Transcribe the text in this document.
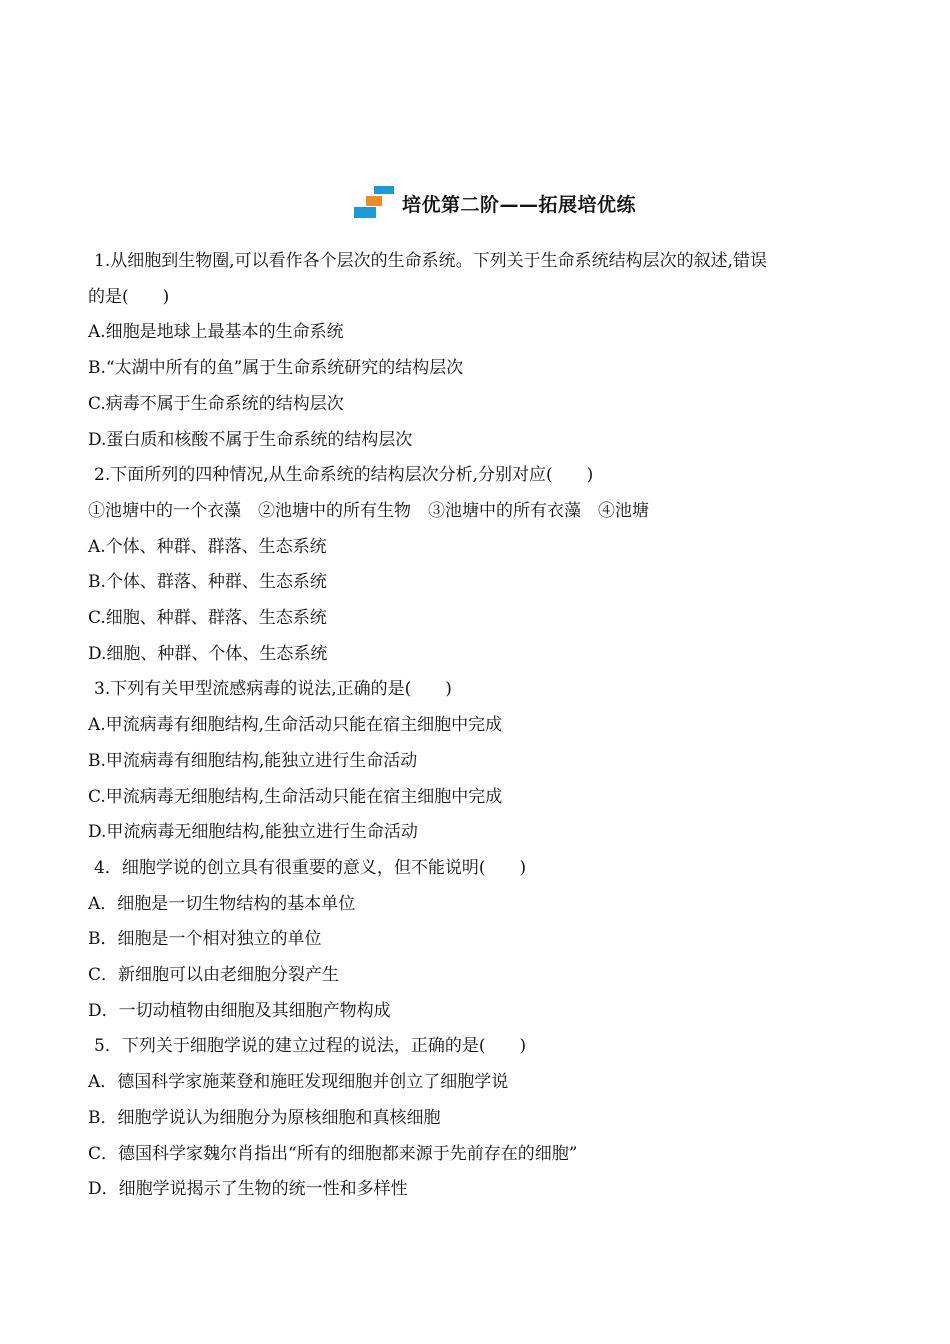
培优第二阶——拓展培优练
1.从细胞到生物圈,可以看作各个层次的生命系统。下列关于生命系统结构层次的叙述,错误
的是(　　)
A.细胞是地球上最基本的生命系统
B.“太湖中所有的鱼”属于生命系统研究的结构层次
C.病毒不属于生命系统的结构层次
D.蛋白质和核酸不属于生命系统的结构层次
2.下面所列的四种情况,从生命系统的结构层次分析,分别对应(　　)
①池塘中的一个衣藻　②池塘中的所有生物　③池塘中的所有衣藻　④池塘
A.个体、种群、群落、生态系统
B.个体、群落、种群、生态系统
C.细胞、种群、群落、生态系统
D.细胞、种群、个体、生态系统
3.下列有关甲型流感病毒的说法,正确的是(　　)
A.甲流病毒有细胞结构,生命活动只能在宿主细胞中完成
B.甲流病毒有细胞结构,能独立进行生命活动
C.甲流病毒无细胞结构,生命活动只能在宿主细胞中完成
D.甲流病毒无细胞结构,能独立进行生命活动
4．细胞学说的创立具有很重要的意义，但不能说明(　　)
A．细胞是一切生物结构的基本单位
B．细胞是一个相对独立的单位
C．新细胞可以由老细胞分裂产生
D．一切动植物由细胞及其细胞产物构成
5．下列关于细胞学说的建立过程的说法，正确的是(　　)
A．德国科学家施莱登和施旺发现细胞并创立了细胞学说
B．细胞学说认为细胞分为原核细胞和真核细胞
C．德国科学家魏尔肖指出“所有的细胞都来源于先前存在的细胞”
D．细胞学说揭示了生物的统一性和多样性
